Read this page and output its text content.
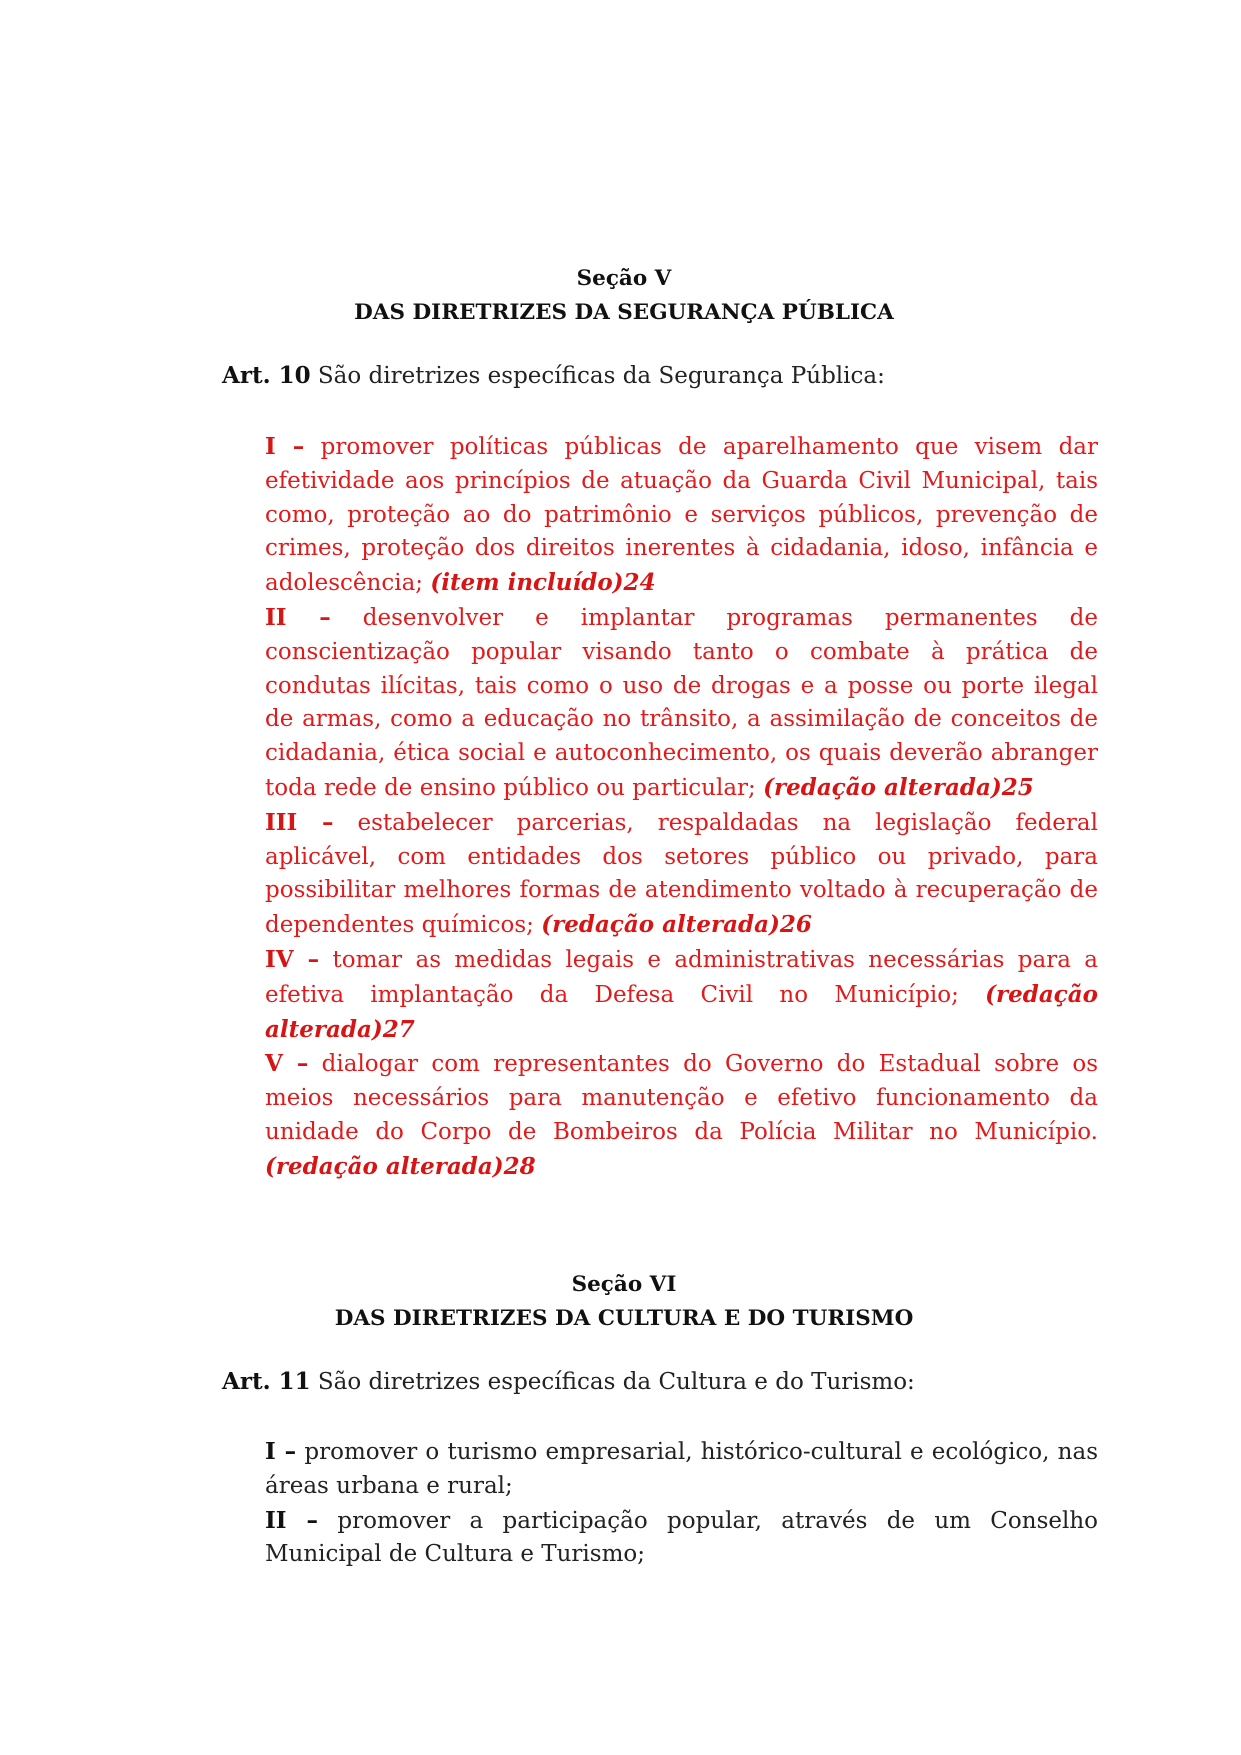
Seção V
DAS DIRETRIZES DA SEGURANÇA PÚBLICA
Art. 10 São diretrizes específicas da Segurança Pública:

I – promover políticas públicas de aparelhamento que visem dar efetividade aos princípios de atuação da Guarda Civil Municipal, tais como, proteção ao do patrimônio e serviços públicos, prevenção de crimes, proteção dos direitos inerentes à cidadania, idoso, infância e adolescência; (item incluído)24

II – desenvolver e implantar programas permanentes de conscientização popular visando tanto o combate à prática de condutas ilícitas, tais como o uso de drogas e a posse ou porte ilegal de armas, como a educação no trânsito, a assimilação de conceitos de cidadania, ética social e autoconhecimento, os quais deverão abranger toda rede de ensino público ou particular; (redação alterada)25

III – estabelecer parcerias, respaldadas na legislação federal aplicável, com entidades dos setores público ou privado, para possibilitar melhores formas de atendimento voltado à recuperação de dependentes químicos; (redação alterada)26

IV – tomar as medidas legais e administrativas necessárias para a efetiva implantação da Defesa Civil no Município; (redação alterada)27

V – dialogar com representantes do Governo do Estadual sobre os meios necessários para manutenção e efetivo funcionamento da unidade do Corpo de Bombeiros da Polícia Militar no Município. (redação alterada)28

Seção VI
DAS DIRETRIZES DA CULTURA E DO TURISMO
Art. 11 São diretrizes específicas da Cultura e do Turismo:

I – promover o turismo empresarial, histórico-cultural e ecológico, nas áreas urbana e rural;

II – promover a participação popular, através de um Conselho Municipal de Cultura e Turismo;
